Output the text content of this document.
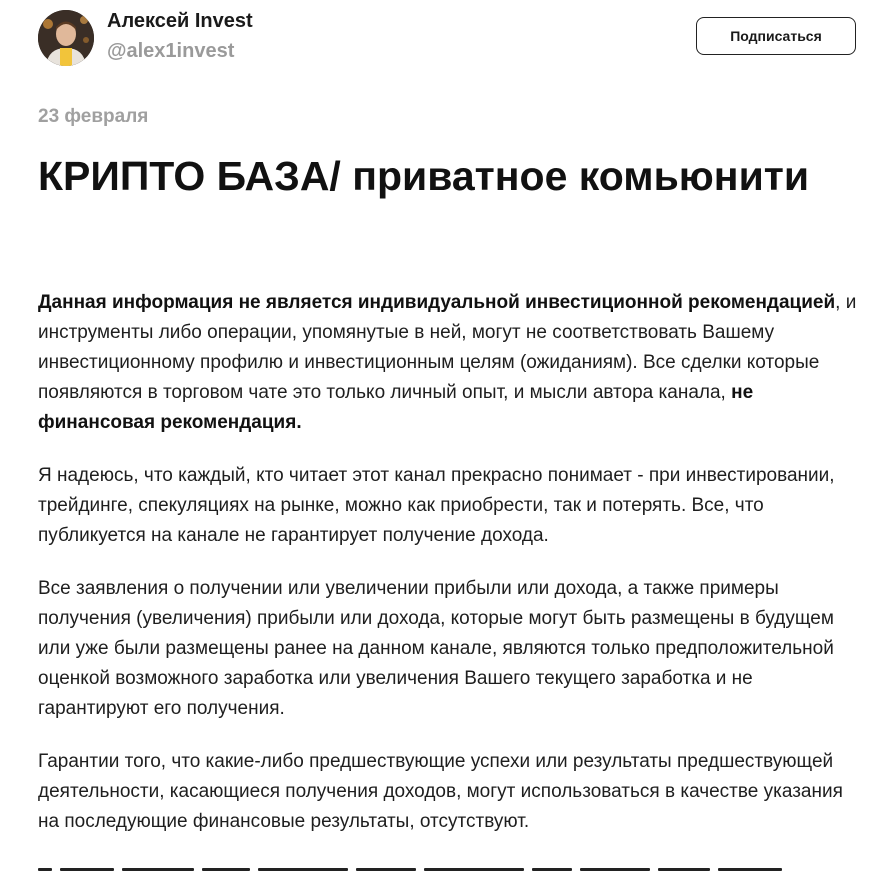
Алексей Invest
@alex1invest
Подписаться
23 февраля
КРИПТО БАЗА/ приватное комьюнити

Данная информация не является индивидуальной инвестиционной рекомендацией, и инструменты либо операции, упомянутые в ней, могут не соответствовать Вашему инвестиционному профилю и инвестиционным целям (ожиданиям). Все сделки которые появляются в торговом чате это только личный опыт, и мысли автора канала, не финансовая рекомендация.

Я надеюсь, что каждый, кто читает этот канал прекрасно понимает - при инвестировании, трейдинге, спекуляциях на рынке, можно как приобрести, так и потерять. Все, что публикуется на канале не гарантирует получение дохода.

Все заявления о получении или увеличении прибыли или дохода, а также примеры получения (увеличения) прибыли или дохода, которые могут быть размещены в будущем или уже были размещены ранее на данном канале, являются только предположительной оценкой возможного заработка или увеличения Вашего текущего заработка и не гарантируют его получения.

Гарантии того, что какие-либо предшествующие успехи или результаты предшествующей деятельности, касающиеся получения доходов, могут использоваться в качестве указания на последующие финансовые результаты, отсутствуют.
